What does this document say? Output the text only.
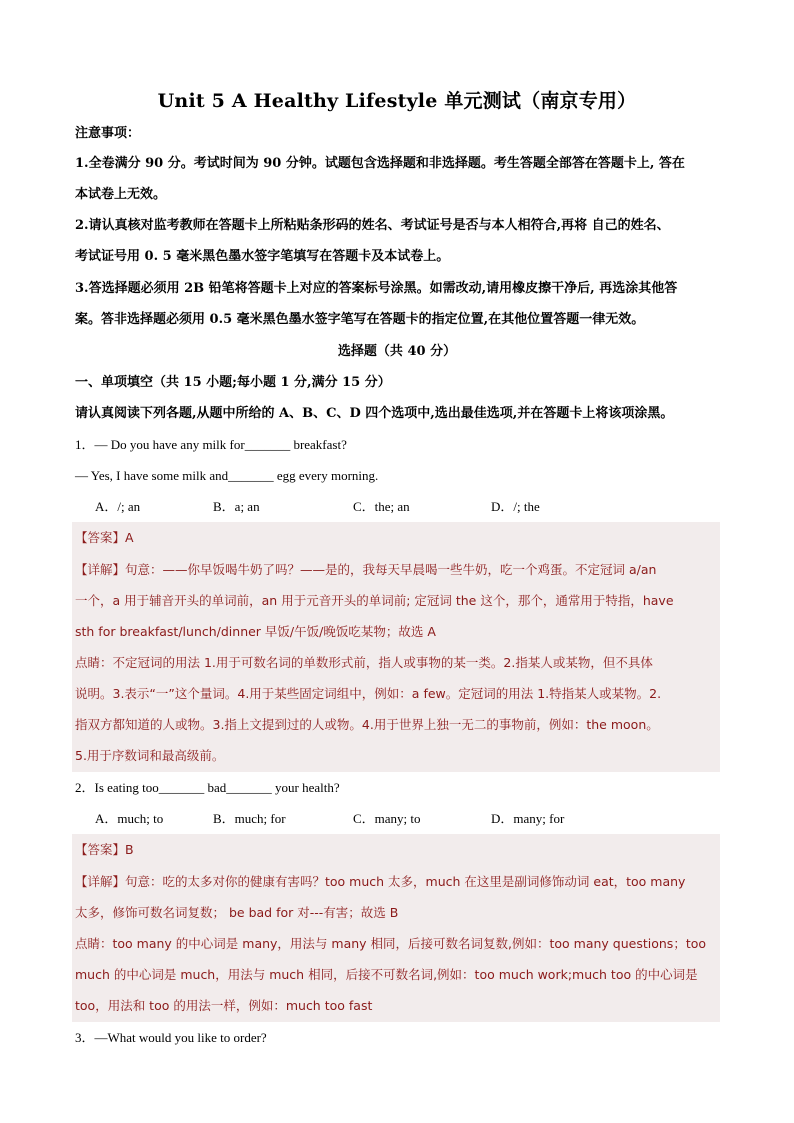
Unit 5 A Healthy Lifestyle 单元测试（南京专用）
注意事项：
1.全卷满分 90 分。考试时间为 90 分钟。试题包含选择题和非选择题。考生答题全部答在答题卡上, 答在
本试卷上无效。
2.请认真核对监考教师在答题卡上所粘贴条形码的姓名、考试证号是否与本人相符合,再将 自己的姓名、
考试证号用 0. 5 毫米黑色墨水签字笔填写在答题卡及本试卷上。
3.答选择题必须用 2B 铅笔将答题卡上对应的答案标号涂黑。如需改动,请用橡皮擦干净后, 再选涂其他答
案。答非选择题必须用 0.5 毫米黑色墨水签字笔写在答题卡的指定位置,在其他位置答题一律无效。
选择题（共 40 分）
一、单项填空（共 15 小题;每小题 1 分,满分 15 分）
请认真阅读下列各题,从题中所给的 A、B、C、D 四个选项中,选出最佳选项,并在答题卡上将该项涂黑。
1．— Do you have any milk for_______ breakfast?
— Yes, I have some milk and_______ egg every morning.
A．/; an	B．a; an	C．the; an	D．/; the
【答案】A
【详解】句意：——你早饭喝牛奶了吗？——是的，我每天早晨喝一些牛奶，吃一个鸡蛋。不定冠词 a/an
一个，a 用于辅音开头的单词前，an 用于元音开头的单词前; 定冠词 the 这个，那个，通常用于特指，have
sth for breakfast/lunch/dinner 早饭/午饭/晚饭吃某物；故选 A
点睛：不定冠词的用法 1.用于可数名词的单数形式前，指人或事物的某一类。2.指某人或某物，但不具体
说明。3.表示“一”这个量词。4.用于某些固定词组中，例如：a few。定冠词的用法 1.特指某人或某物。2.
指双方都知道的人或物。3.指上文提到过的人或物。4.用于世界上独一无二的事物前，例如：the moon。
5.用于序数词和最高级前。
2．Is eating too_______ bad_______ your health?
A．much; to	B．much; for	C．many; to	D．many; for
【答案】B
【详解】句意：吃的太多对你的健康有害吗？too much 太多，much 在这里是副词修饰动词 eat，too many
太多，修饰可数名词复数； be bad for 对---有害；故选 B
点睛：too many 的中心词是 many，用法与 many 相同，后接可数名词复数,例如：too many questions；too
much 的中心词是 much，用法与 much 相同，后接不可数名词,例如：too much work;much too 的中心词是
too，用法和 too 的用法一样，例如：much too fast
3．—What would you like to order?
